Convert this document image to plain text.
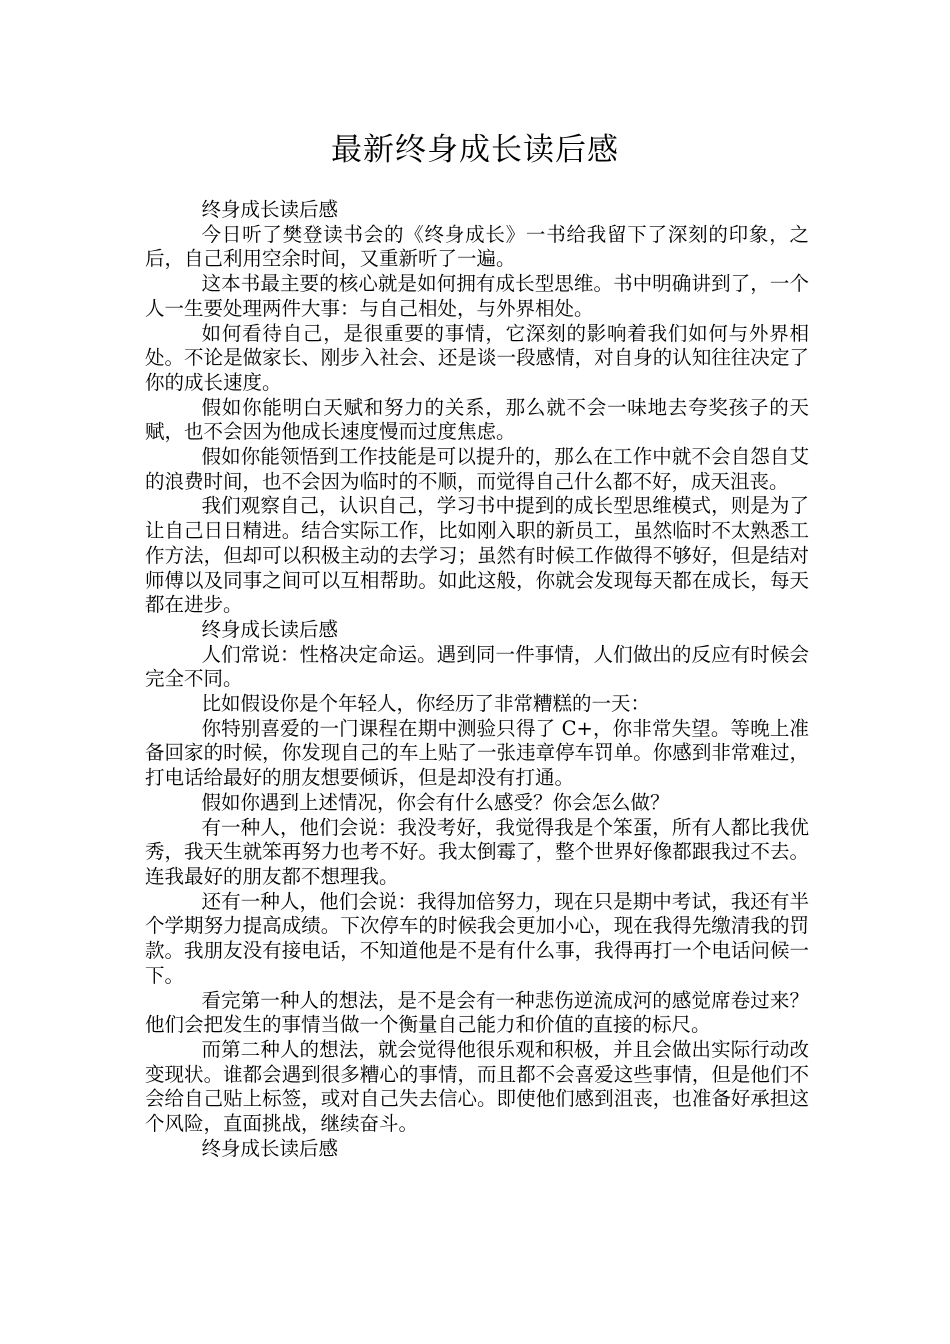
最新终身成长读后感

终身成长读后感

今日听了樊登读书会的《终身成长》一书给我留下了深刻的印象，之后，自己利用空余时间，又重新听了一遍。

这本书最主要的核心就是如何拥有成长型思维。书中明确讲到了，一个人一生要处理两件大事：与自己相处，与外界相处。

如何看待自己，是很重要的事情，它深刻的影响着我们如何与外界相处。不论是做家长、刚步入社会、还是谈一段感情，对自身的认知往往决定了你的成长速度。

假如你能明白天赋和努力的关系，那么就不会一味地去夸奖孩子的天赋，也不会因为他成长速度慢而过度焦虑。

假如你能领悟到工作技能是可以提升的，那么在工作中就不会自怨自艾的浪费时间，也不会因为临时的不顺，而觉得自己什么都不好，成天沮丧。

我们观察自己，认识自己，学习书中提到的成长型思维模式，则是为了让自己日日精进。结合实际工作，比如刚入职的新员工，虽然临时不太熟悉工作方法，但却可以积极主动的去学习；虽然有时候工作做得不够好，但是结对师傅以及同事之间可以互相帮助。如此这般，你就会发现每天都在成长，每天都在进步。

终身成长读后感

人们常说：性格决定命运。遇到同一件事情，人们做出的反应有时候会完全不同。

比如假设你是个年轻人，你经历了非常糟糕的一天：

你特别喜爱的一门课程在期中测验只得了 C+，你非常失望。等晚上准备回家的时候，你发现自己的车上贴了一张违章停车罚单。你感到非常难过，打电话给最好的朋友想要倾诉，但是却没有打通。

假如你遇到上述情况，你会有什么感受？你会怎么做？

有一种人，他们会说：我没考好，我觉得我是个笨蛋，所有人都比我优秀，我天生就笨再努力也考不好。我太倒霉了，整个世界好像都跟我过不去。连我最好的朋友都不想理我。

还有一种人，他们会说：我得加倍努力，现在只是期中考试，我还有半个学期努力提高成绩。下次停车的时候我会更加小心，现在我得先缴清我的罚款。我朋友没有接电话，不知道他是不是有什么事，我得再打一个电话问候一下。

看完第一种人的想法，是不是会有一种悲伤逆流成河的感觉席卷过来？他们会把发生的事情当做一个衡量自己能力和价值的直接的标尺。

而第二种人的想法，就会觉得他很乐观和积极，并且会做出实际行动改变现状。谁都会遇到很多糟心的事情，而且都不会喜爱这些事情，但是他们不会给自己贴上标签，或对自己失去信心。即使他们感到沮丧，也准备好承担这个风险，直面挑战，继续奋斗。

终身成长读后感
